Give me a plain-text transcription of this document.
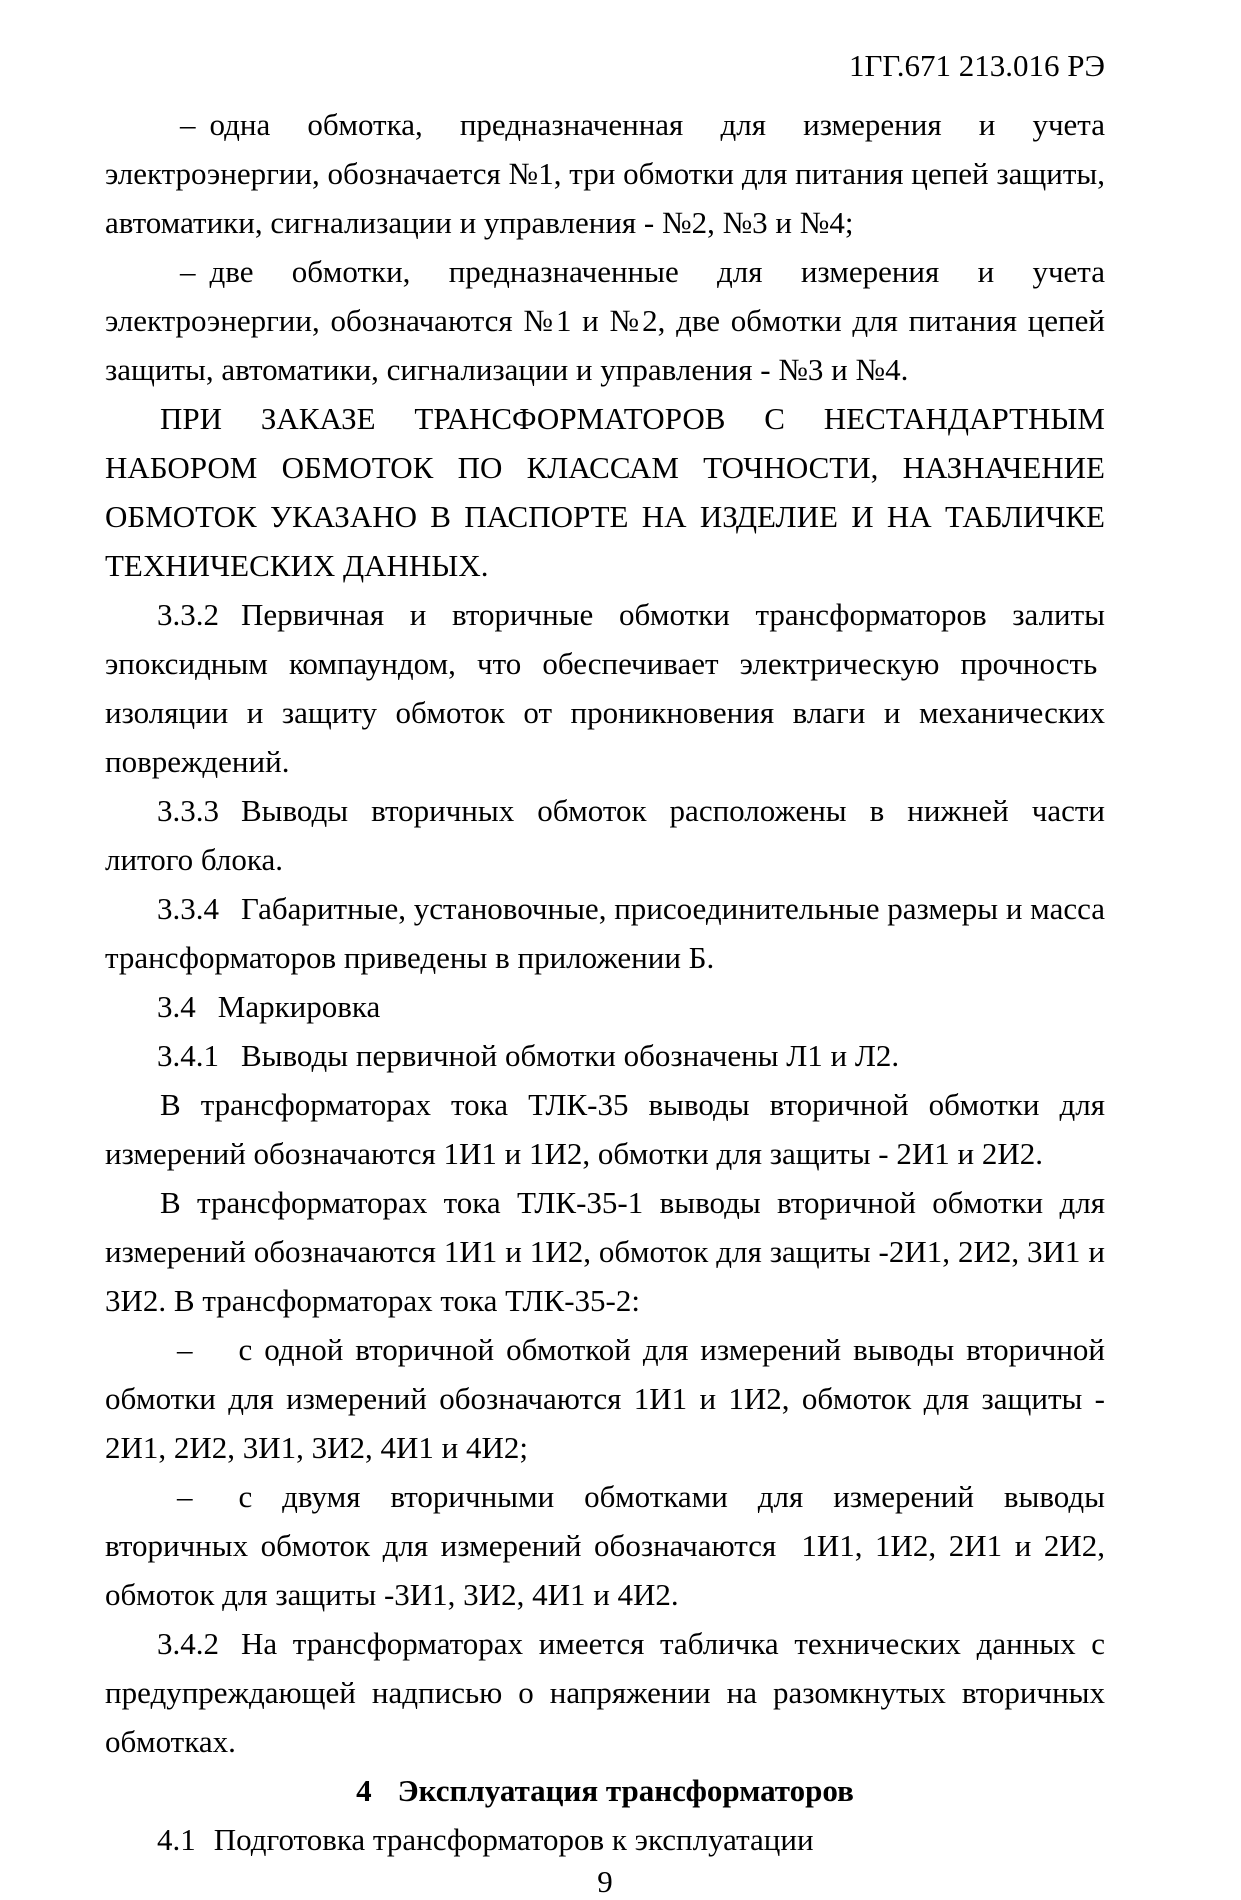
1ГГ.671 213.016 РЭ

– одна обмотка, предназначенная для измерения и учета электроэнергии, обозначается №1, три обмотки для питания цепей защиты, автоматики, сигнализации и управления - №2, №3 и №4;

– две обмотки, предназначенные для измерения и учета электроэнергии, обозначаются №1 и №2, две обмотки для питания цепей защиты, автоматики, сигнализации и управления - №3 и №4.

ПРИ ЗАКАЗЕ ТРАНСФОРМАТОРОВ С НЕСТАНДАРТНЫМ НАБОРОМ ОБМОТОК ПО КЛАССАМ ТОЧНОСТИ, НАЗНАЧЕНИЕ ОБМОТОК УКАЗАНО В ПАСПОРТЕ НА ИЗДЕЛИЕ И НА ТАБЛИЧКЕ ТЕХНИЧЕСКИХ ДАННЫХ.

3.3.2 Первичная и вторичные обмотки трансформаторов залиты эпоксидным компаундом, что обеспечивает электрическую прочность  изоляции и защиту обмоток от проникновения влаги и механических повреждений.

3.3.3 Выводы вторичных обмоток расположены в нижней части литого блока.

3.3.4 Габаритные, установочные, присоединительные размеры и масса трансформаторов приведены в приложении Б.

3.4 Маркировка

3.4.1 Выводы первичной обмотки обозначены Л1 и Л2.

В трансформаторах тока ТЛК-35 выводы вторичной обмотки для измерений обозначаются 1И1 и 1И2, обмотки для защиты - 2И1 и 2И2.

В трансформаторах тока ТЛК-35-1 выводы вторичной обмотки для измерений обозначаются 1И1 и 1И2, обмоток для защиты -2И1, 2И2, 3И1 и 3И2. В трансформаторах тока ТЛК-35-2:

– с одной вторичной обмоткой для измерений выводы вторичной обмотки для измерений обозначаются 1И1 и 1И2, обмоток для защиты - 2И1, 2И2, 3И1, 3И2, 4И1 и 4И2;

– с двумя вторичными обмотками для измерений выводы вторичных обмоток для измерений обозначаются  1И1, 1И2, 2И1 и 2И2, обмоток для защиты -3И1, 3И2, 4И1 и 4И2.

3.4.2 На трансформаторах имеется табличка технических данных с предупреждающей надписью о напряжении на разомкнутых вторичных обмотках.

4 Эксплуатация трансформаторов

4.1 Подготовка трансформаторов к эксплуатации

9
